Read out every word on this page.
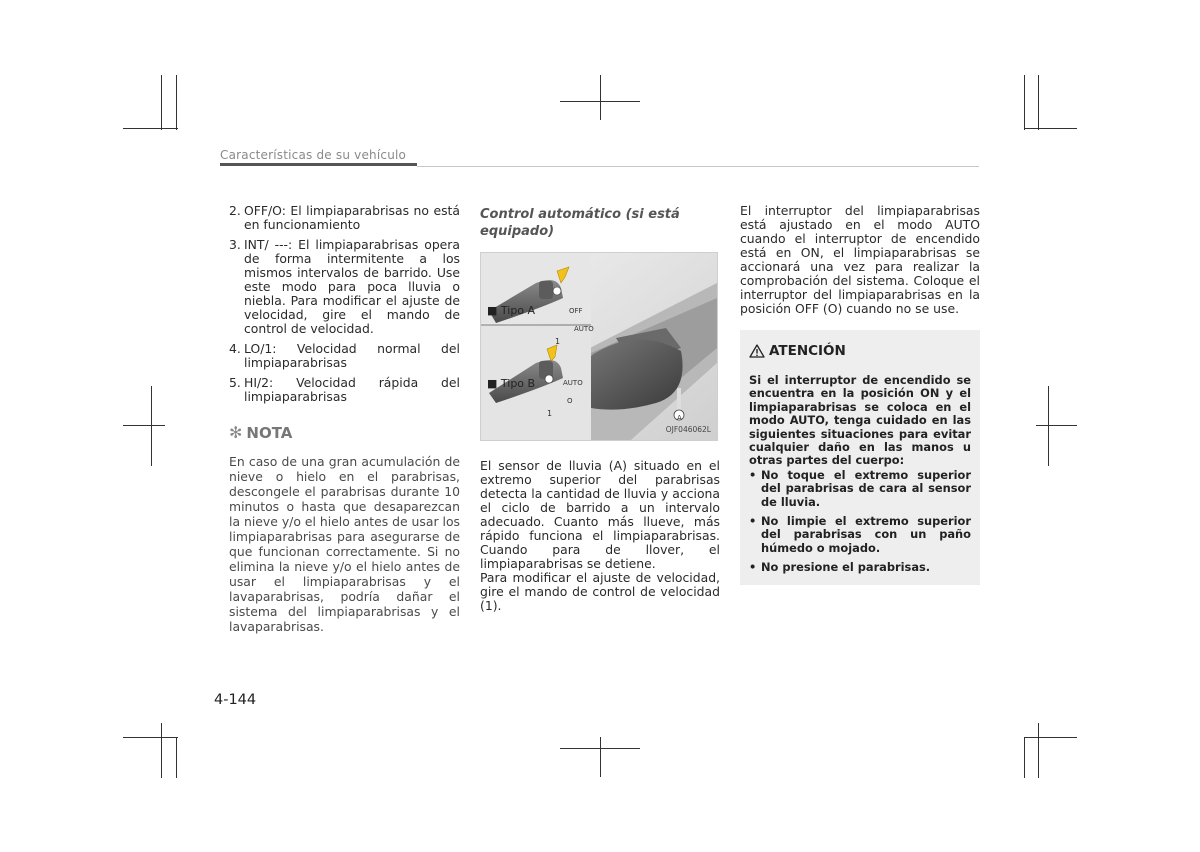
Características de su vehículo
2. OFF/O: El limpiaparabrisas no está en funcionamiento
3. INT/ ---: El limpiaparabrisas opera de forma intermitente a los mismos intervalos de barrido. Use este modo para poca lluvia o niebla. Para modificar el ajuste de velocidad, gire el mando de control de velocidad.
4. LO/1: Velocidad normal del limpiaparabrisas
5. HI/2: Velocidad rápida del limpiaparabrisas
✻ NOTA
En caso de una gran acumulación de nieve o hielo en el parabrisas, descongele el parabrisas durante 10 minutos o hasta que desaparezcan la nieve y/o el hielo antes de usar los limpiaparabrisas para asegurarse de que funcionan correctamente. Si no elimina la nieve y/o el hielo antes de usar el limpiaparabrisas y el lavaparabrisas, podría dañar el sistema del limpiaparabrisas y el lavaparabrisas.
Control automático (si está equipado)
■ Tipo A	OFF
AUTO
1
■ Tipo B	AUTO
O
1	A
OJF046062L
El sensor de lluvia (A) situado en el extremo superior del parabrisas detecta la cantidad de lluvia y acciona el ciclo de barrido a un intervalo adecuado. Cuanto más llueve, más rápido funciona el limpiaparabrisas. Cuando para de llover, el limpiaparabrisas se detiene.
Para modificar el ajuste de velocidad, gire el mando de control de velocidad (1).
El interruptor del limpiaparabrisas está ajustado en el modo AUTO cuando el interruptor de encendido está en ON, el limpiaparabrisas se accionará una vez para realizar la comprobación del sistema. Coloque el interruptor del limpiaparabrisas en la posición OFF (O) cuando no se use.
ATENCIÓN
Si el interruptor de encendido se encuentra en la posición ON y el limpiaparabrisas se coloca en el modo AUTO, tenga cuidado en las siguientes situaciones para evitar cualquier daño en las manos u otras partes del cuerpo:
• No toque el extremo superior del parabrisas de cara al sensor de lluvia.
• No limpie el extremo superior del parabrisas con un paño húmedo o mojado.
• No presione el parabrisas.
4-144
